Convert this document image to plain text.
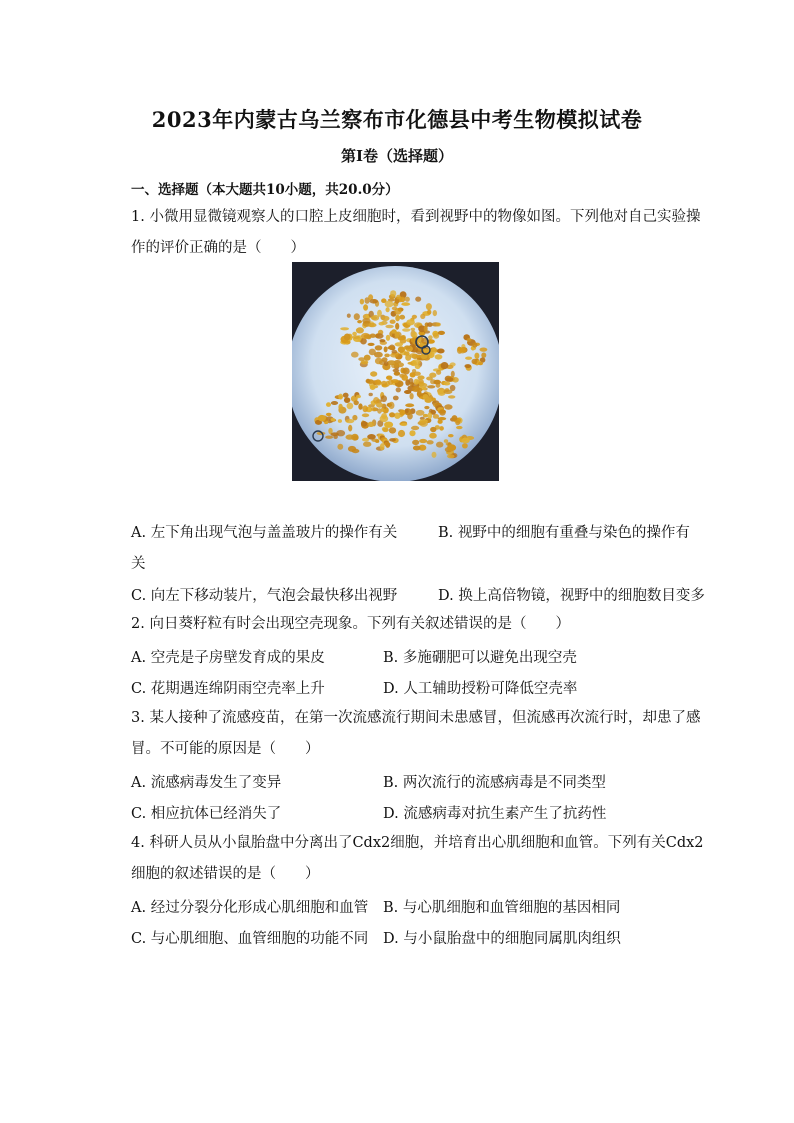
2023年内蒙古乌兰察布市化德县中考生物模拟试卷
第I卷（选择题）
一、选择题（本大题共10小题，共20.0分）
1. 小微用显微镜观察人的口腔上皮细胞时，看到视野中的物像如图。下列他对自己实验操
作的评价正确的是（　　）
A. 左下角出现气泡与盖盖玻片的操作有关	B. 视野中的细胞有重叠与染色的操作有
关
C. 向左下移动装片，气泡会最快移出视野	D. 换上高倍物镜，视野中的细胞数目变多
2. 向日葵籽粒有时会出现空壳现象。下列有关叙述错误的是（　　）
A. 空壳是子房壁发育成的果皮	B. 多施硼肥可以避免出现空壳
C. 花期遇连绵阴雨空壳率上升	D. 人工辅助授粉可降低空壳率
3. 某人接种了流感疫苗，在第一次流感流行期间未患感冒，但流感再次流行时，却患了感
冒。不可能的原因是（　　）
A. 流感病毒发生了变异	B. 两次流行的流感病毒是不同类型
C. 相应抗体已经消失了	D. 流感病毒对抗生素产生了抗药性
4. 科研人员从小鼠胎盘中分离出了Cdx2细胞，并培育出心肌细胞和血管。下列有关Cdx2
细胞的叙述错误的是（　　）
A. 经过分裂分化形成心肌细胞和血管 B. 与心肌细胞和血管细胞的基因相同
C. 与心肌细胞、血管细胞的功能不同 D. 与小鼠胎盘中的细胞同属肌肉组织
